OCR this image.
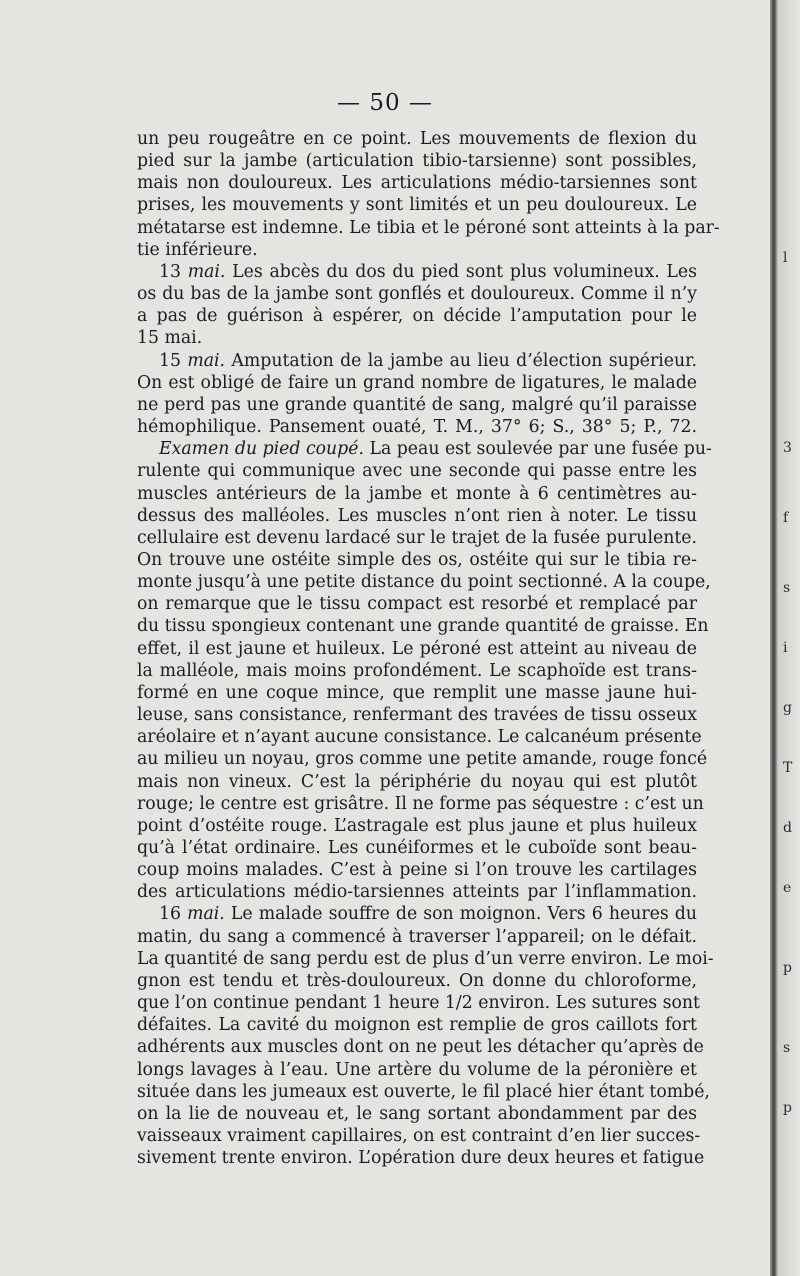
— 50 —
un peu rougeâtre en ce point. Les mouvements de flexion du
pied sur la jambe (articulation tibio-tarsienne) sont possibles,
mais non douloureux. Les articulations médio-tarsiennes sont
prises, les mouvements y sont limités et un peu douloureux. Le
métatarse est indemne. Le tibia et le péroné sont atteints à la par-
tie inférieure.
13 mai. Les abcès du dos du pied sont plus volumineux. Les
os du bas de la jambe sont gonflés et douloureux. Comme il n’y
a pas de guérison à espérer, on décide l’amputation pour le
15 mai.
15 mai. Amputation de la jambe au lieu d’élection supérieur.
On est obligé de faire un grand nombre de ligatures, le malade
ne perd pas une grande quantité de sang, malgré qu’il paraisse
hémophilique. Pansement ouaté, T. M., 37° 6; S., 38° 5; P., 72.
Examen du pied coupé. La peau est soulevée par une fusée pu-
rulente qui communique avec une seconde qui passe entre les
muscles antérieurs de la jambe et monte à 6 centimètres au-
dessus des malléoles. Les muscles n’ont rien à noter. Le tissu
cellulaire est devenu lardacé sur le trajet de la fusée purulente.
On trouve une ostéite simple des os, ostéite qui sur le tibia re-
monte jusqu’à une petite distance du point sectionné. A la coupe,
on remarque que le tissu compact est resorbé et remplacé par
du tissu spongieux contenant une grande quantité de graisse. En
effet, il est jaune et huileux. Le péroné est atteint au niveau de
la malléole, mais moins profondément. Le scaphoïde est trans-
formé en une coque mince, que remplit une masse jaune hui-
leuse, sans consistance, renfermant des travées de tissu osseux
aréolaire et n’ayant aucune consistance. Le calcanéum présente
au milieu un noyau, gros comme une petite amande, rouge foncé
mais non vineux. C’est la périphérie du noyau qui est plutôt
rouge; le centre est grisâtre. Il ne forme pas séquestre : c’est un
point d’ostéite rouge. L’astragale est plus jaune et plus huileux
qu’à l’état ordinaire. Les cunéiformes et le cuboïde sont beau-
coup moins malades. C’est à peine si l’on trouve les cartilages
des articulations médio-tarsiennes atteints par l’inflammation.
16 mai. Le malade souffre de son moignon. Vers 6 heures du
matin, du sang a commencé à traverser l’appareil; on le défait.
La quantité de sang perdu est de plus d’un verre environ. Le moi-
gnon est tendu et très-douloureux. On donne du chloroforme,
que l’on continue pendant 1 heure 1/2 environ. Les sutures sont
défaites. La cavité du moignon est remplie de gros caillots fort
adhérents aux muscles dont on ne peut les détacher qu’après de
longs lavages à l’eau. Une artère du volume de la péronière et
située dans les jumeaux est ouverte, le fil placé hier étant tombé,
on la lie de nouveau et, le sang sortant abondamment par des
vaisseaux vraiment capillaires, on est contraint d’en lier succes-
sivement trente environ. L’opération dure deux heures et fatigue
l
3
f
s
i
g
T
d
e
p
s
p
